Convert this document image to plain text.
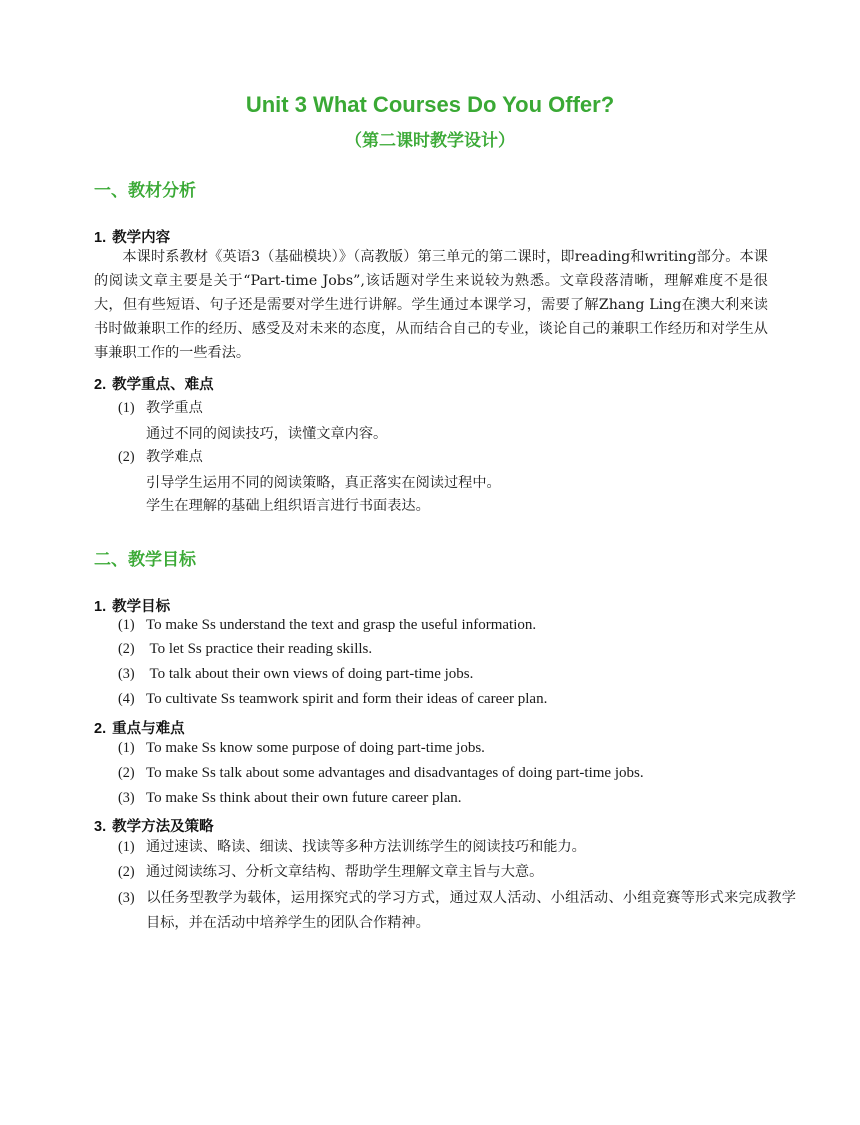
Unit 3 What Courses Do You Offer?
（第二课时教学设计）
一、教材分析
1. 教学内容
本课时系教材《英语3（基础模块）》（高教版）第三单元的第二课时，即reading和writing部分。本课的阅读文章主要是关于“Part-time Jobs”,该话题对学生来说较为熟悉。文章段落清晰，理解难度不是很大，但有些短语、句子还是需要对学生进行讲解。学生通过本课学习，需要了解Zhang Ling在澳大利来读书时做兼职工作的经历、感受及对未来的态度，从而结合自己的专业，谈论自己的兼职工作经历和对学生从事兼职工作的一些看法。
2. 教学重点、难点
(1) 教学重点
通过不同的阅读技巧，读懂文章内容。
(2) 教学难点
引导学生运用不同的阅读策略，真正落实在阅读过程中。
学生在理解的基础上组织语言进行书面表达。
二、教学目标
1. 教学目标
(1) To make Ss understand the text and grasp the useful information.
(2) To let Ss practice their reading skills.
(3) To talk about their own views of doing part-time jobs.
(4) To cultivate Ss teamwork spirit and form their ideas of career plan.
2. 重点与难点
(1) To make Ss know some purpose of doing part-time jobs.
(2) To make Ss talk about some advantages and disadvantages of doing part-time jobs.
(3) To make Ss think about their own future career plan.
3. 教学方法及策略
(1) 通过速读、略读、细读、找读等多种方法训练学生的阅读技巧和能力。
(2) 通过阅读练习、分析文章结构、帮助学生理解文章主旨与大意。
(3) 以任务型教学为载体，运用探究式的学习方式，通过双人活动、小组活动、小组竞赛等形式来完成教学目标，并在活动中培养学生的团队合作精神。
